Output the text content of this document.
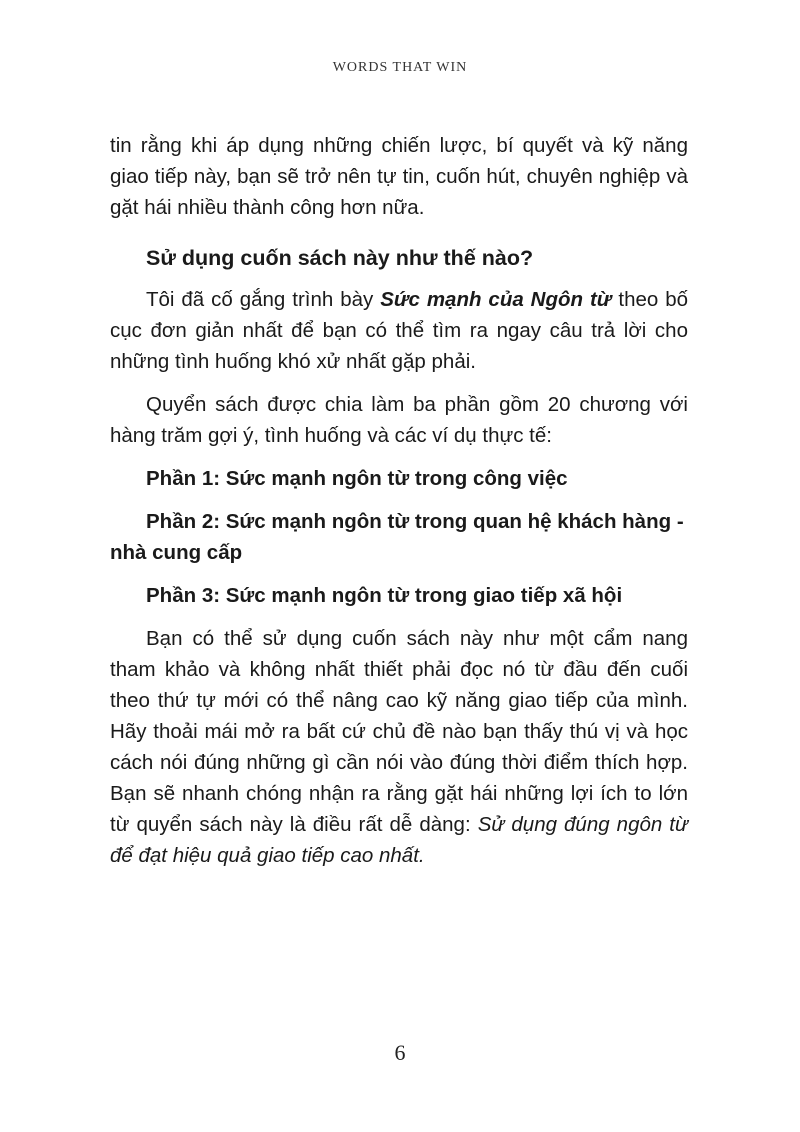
WORDS THAT WIN

tin rằng khi áp dụng những chiến lược, bí quyết và kỹ năng giao tiếp này, bạn sẽ trở nên tự tin, cuốn hút, chuyên nghiệp và gặt hái nhiều thành công hơn nữa.

Sử dụng cuốn sách này như thế nào?

Tôi đã cố gắng trình bày Sức mạnh của Ngôn từ theo bố cục đơn giản nhất để bạn có thể tìm ra ngay câu trả lời cho những tình huống khó xử nhất gặp phải.

Quyển sách được chia làm ba phần gồm 20 chương với hàng trăm gợi ý, tình huống và các ví dụ thực tế:

Phần 1: Sức mạnh ngôn từ trong công việc

Phần 2: Sức mạnh ngôn từ trong quan hệ khách hàng - nhà cung cấp

Phần 3: Sức mạnh ngôn từ trong giao tiếp xã hội

Bạn có thể sử dụng cuốn sách này như một cẩm nang tham khảo và không nhất thiết phải đọc nó từ đầu đến cuối theo thứ tự mới có thể nâng cao kỹ năng giao tiếp của mình. Hãy thoải mái mở ra bất cứ chủ đề nào bạn thấy thú vị và học cách nói đúng những gì cần nói vào đúng thời điểm thích hợp. Bạn sẽ nhanh chóng nhận ra rằng gặt hái những lợi ích to lớn từ quyển sách này là điều rất dễ dàng: Sử dụng đúng ngôn từ để đạt hiệu quả giao tiếp cao nhất.

6
